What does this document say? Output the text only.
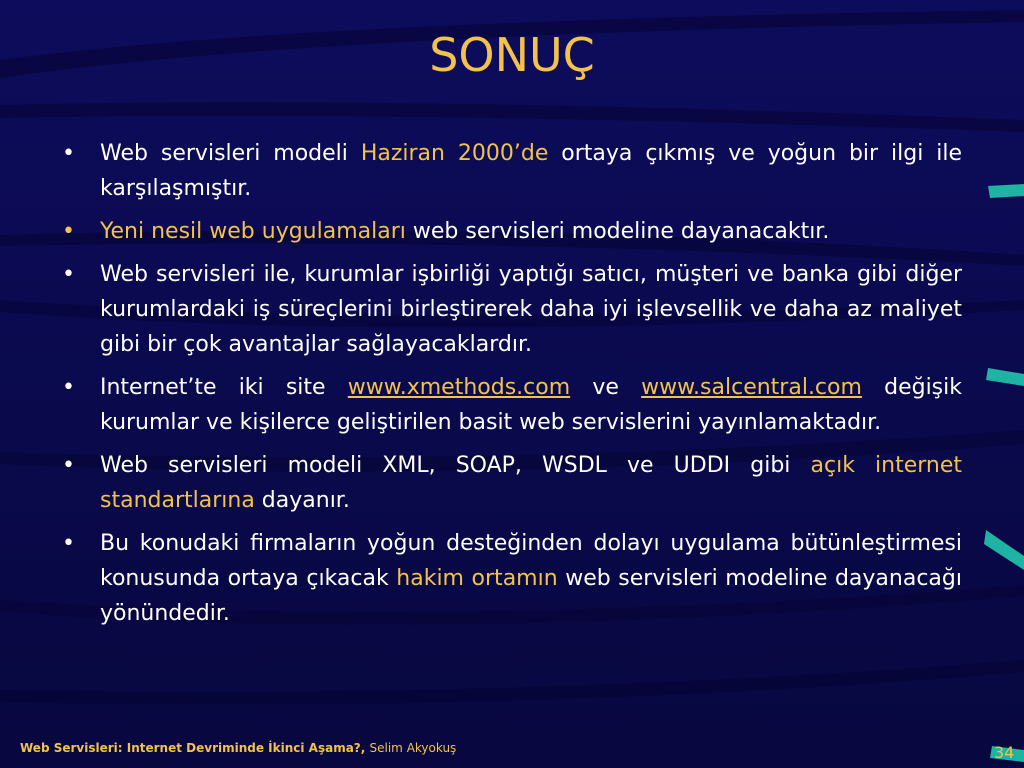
SONUÇ
• Web servisleri modeli Haziran 2000’de ortaya çıkmış ve yoğun bir ilgi ile karşılaşmıştır.
• Yeni nesil web uygulamaları web servisleri modeline dayanacaktır.
• Web servisleri ile, kurumlar işbirliği yaptığı satıcı, müşteri ve banka gibi diğer kurumlardaki iş süreçlerini birleştirerek daha iyi işlevsellik ve daha az maliyet gibi bir çok avantajlar sağlayacaklardır.
• Internet’te iki site www.xmethods.com ve www.salcentral.com değişik kurumlar ve kişilerce geliştirilen basit web servislerini yayınlamaktadır.
• Web servisleri modeli XML, SOAP, WSDL ve UDDI gibi açık internet standartlarına dayanır.
• Bu konudaki firmaların yoğun desteğinden dolayı uygulama bütünleştirmesi konusunda ortaya çıkacak hakim ortamın web servisleri modeline dayanacağı yönündedir.
Web Servisleri: Internet Devriminde İkinci Aşama?, Selim Akyokuş	34
